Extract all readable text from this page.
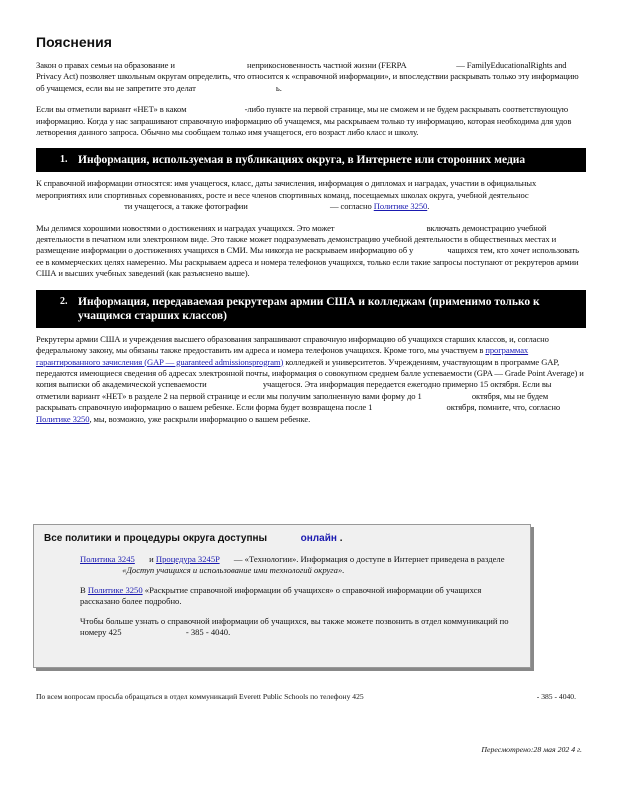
Пояснения

Закон о правах семьи на образование и	неприкосновенность частной жизни (FERPA	— FamilyEducationalRights and Privacy Act) позволяет школьным округам определить, что относится к «справочной информации», и впоследствии раскрывать только эту информацию об учащемся, если вы не запретите это делат	ь.

Если вы отметили вариант «НЕТ» в каком	-либо пункте на первой странице, мы не сможем и не будем раскрывать соответствующую информацию. Когда у нас запрашивают справочную информацию об учащемся, мы раскрываем только ту информацию, которая необходима для удов  летворения данного запроса. Обычно мы сообщаем только имя учащегося, его возраст либо класс и школу.

1. Информация, используемая в публикациях округа, в Интернете или сторонних медиа

К справочной информации относятся: имя учащегося, класс, даты зачисления, информация о дипломах и наградах, участии в официальных мероприятиях или спортивных соревнованиях, росте и весе членов спортивных команд, посещаемых школах округа, учебной деятельнос  ти учащегося, а также фотографии	— согласно Политике 3250.

Мы делимся хорошими новостями о достижениях и наградах учащихся. Это может	включать демонстрацию учебной деятельности в печатном или электронном виде. Это также может подразумевать демонстрацию учебной деятельности в общественных местах и размещение информации о достижениях учащихся в СМИ. Мы никогда не раскрываем информацию об у	чащихся тем, кто хочет использовать ее в коммерческих целях намеренно. Мы раскрываем адреса и номера телефонов учащихся, только если такие запросы поступают от рекрутеров армии США и высших учебных заведений (как разъяснено выше).

2. Информация, передаваемая рекрутерам армии США и колледжам (применимо только к учащимся старших классов)

Рекрутеры армии США и учреждения высшего образования запрашивают справочную информацию об учащихся старших классов, и, согласно федеральному закону, мы обязаны также предоставить им адреса и номера телефонов учащихся. Кроме того, мы участвуем в программах гарантированного зачисления (GAP — guaranteed admissionsprogram) колледжей и университетов. Учреждениям, участвующим в программе GAP, передаются имеющиеся сведения об адресах электронной почты, информация о совокупном среднем балле успеваемости (GPA — Grade Point Average) и копия выписки об академической успеваемости	учащегося. Эта информация передается ежегодно примерно 15 октября. Если вы отметили вариант «НЕТ» в разделе 2 на первой странице и если мы получим заполненную вами форму до 1	октября, мы не будем раскрывать справочную информацию о вашем ребенке. Если форма будет возвращена после 1	октября, помните, что, согласно Политике 3250, мы, возможно, уже раскрыли информацию о вашем ребенке.

Все политики и процедуры округа доступны	онлайн .
Политика 3245 и Процедура 3245P — «Технологии». Информация о доступе в Интернет приведена в разделе  «Доступ учащихся и использование ими технологий округа».
В Политике 3250 «Раскрытие справочной информации об учащихся» о справочной информации об учащихся рассказано более подробно.
Чтобы больше узнать о справочной информации об учащихся, вы также можете позвонить в отдел коммуникаций по номеру 425	- 385 - 4040.
По всем вопросам просьба обращаться в отдел коммуникаций Everett Public Schools по телефону 425	- 385 - 4040.
Пересмотрено:28 мая 202 4 г.
